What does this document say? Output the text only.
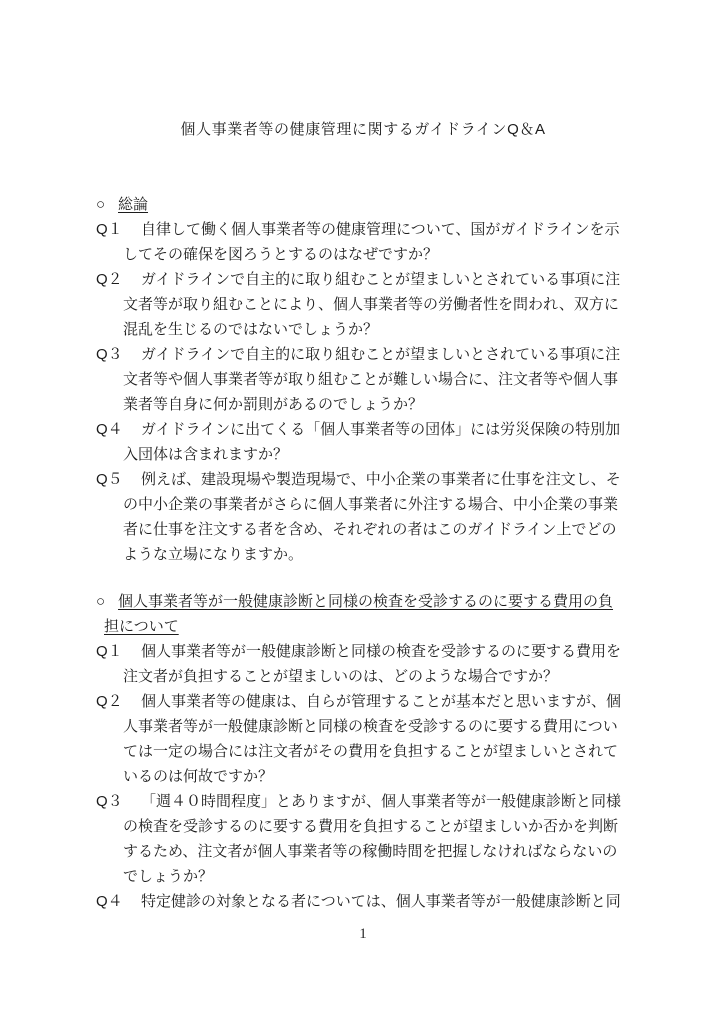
個人事業者等の健康管理に関するガイドラインQ＆A
○ 総論
Q１ 自律して働く個人事業者等の健康管理について、国がガイドラインを示
してその確保を図ろうとするのはなぜですか？
Q２ ガイドラインで自主的に取り組むことが望ましいとされている事項に注
文者等が取り組むことにより、個人事業者等の労働者性を問われ、双方に
混乱を生じるのではないでしょうか？
Q３ ガイドラインで自主的に取り組むことが望ましいとされている事項に注
文者等や個人事業者等が取り組むことが難しい場合に、注文者等や個人事
業者等自身に何か罰則があるのでしょうか？
Q４ ガイドラインに出てくる「個人事業者等の団体」には労災保険の特別加
入団体は含まれますか？
Q５ 例えば、建設現場や製造現場で、中小企業の事業者に仕事を注文し、そ
の中小企業の事業者がさらに個人事業者に外注する場合、中小企業の事業
者に仕事を注文する者を含め、それぞれの者はこのガイドライン上でどの
ような立場になりますか。
○ 個人事業者等が一般健康診断と同様の検査を受診するのに要する費用の負
担について
Q１ 個人事業者等が一般健康診断と同様の検査を受診するのに要する費用を
注文者が負担することが望ましいのは、どのような場合ですか？
Q２ 個人事業者等の健康は、自らが管理することが基本だと思いますが、個
人事業者等が一般健康診断と同様の検査を受診するのに要する費用につい
ては一定の場合には注文者がその費用を負担することが望ましいとされて
いるのは何故ですか？
Q３ 「週４０時間程度」とありますが、個人事業者等が一般健康診断と同様
の検査を受診するのに要する費用を負担することが望ましいか否かを判断
するため、注文者が個人事業者等の稼働時間を把握しなければならないの
でしょうか？
Q４ 特定健診の対象となる者については、個人事業者等が一般健康診断と同
1
